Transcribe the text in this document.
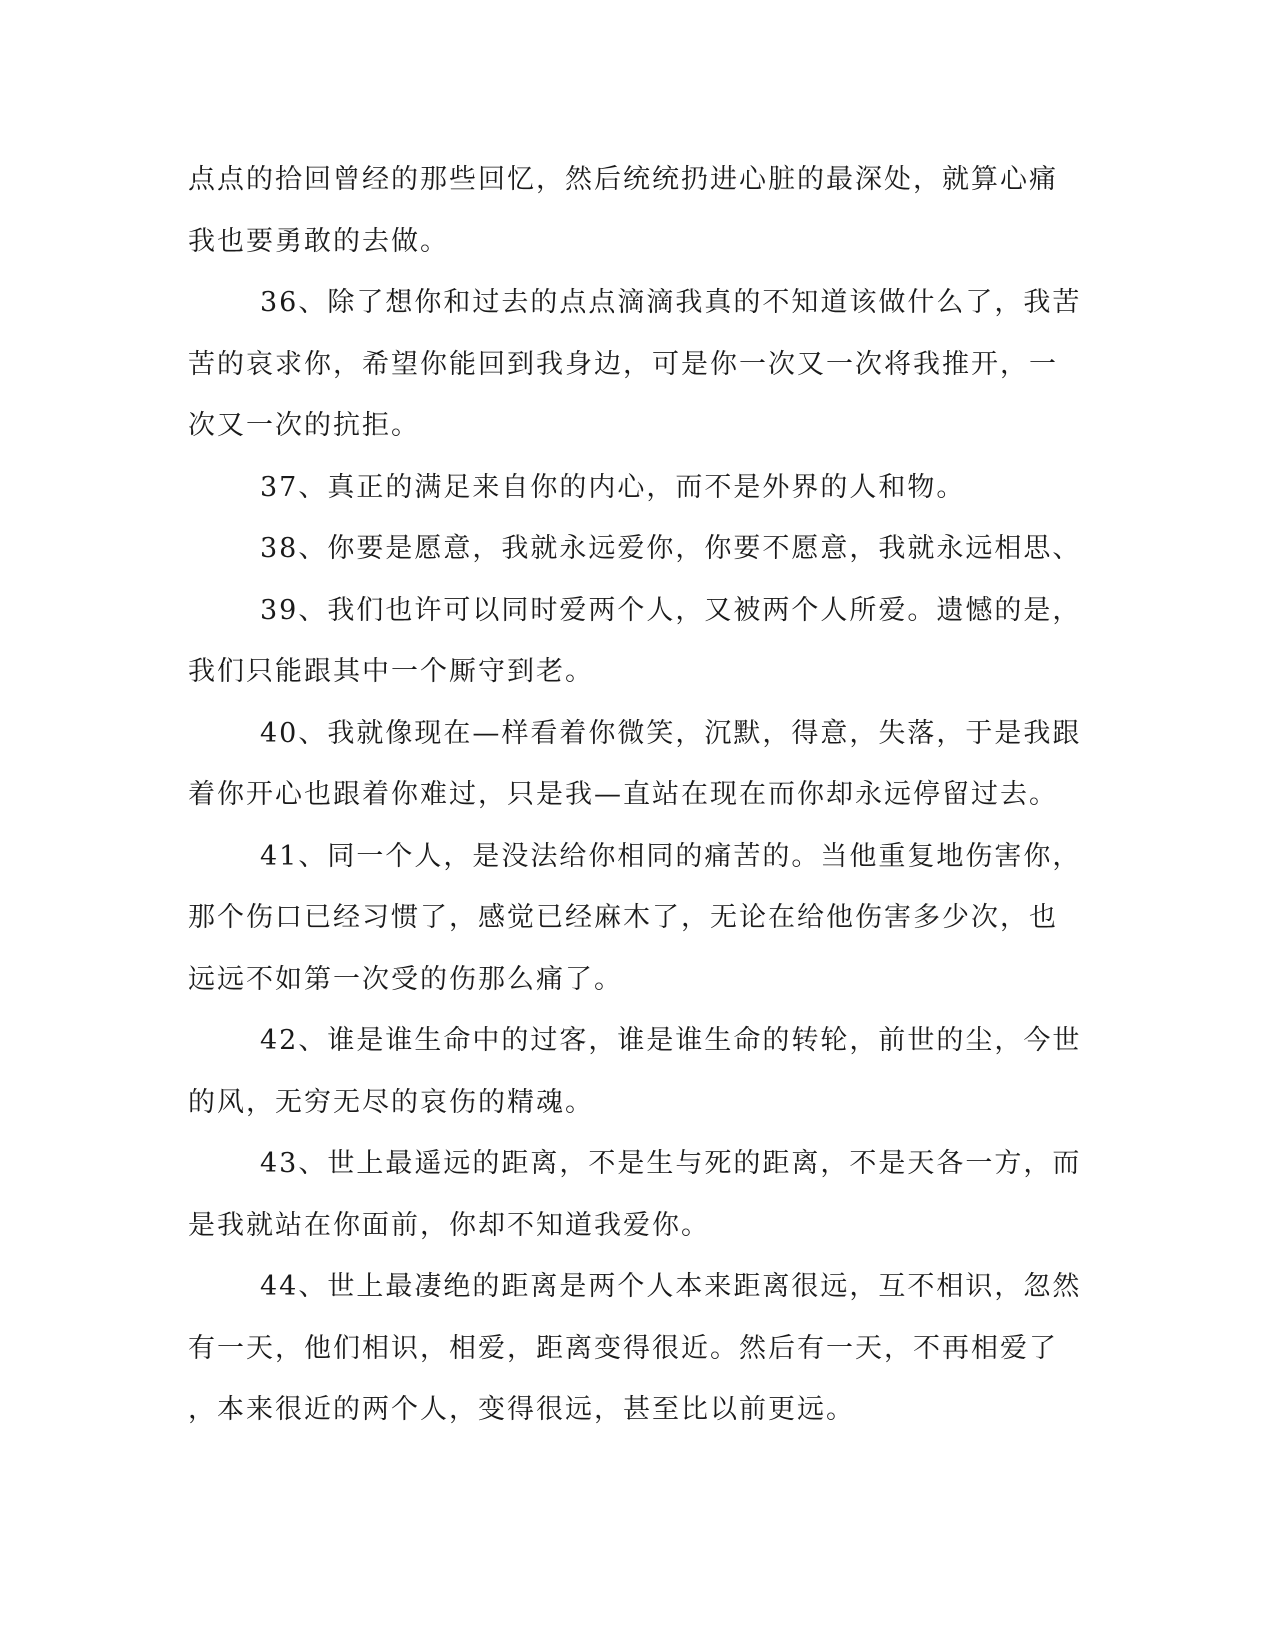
点点的拾回曾经的那些回忆，然后统统扔进心脏的最深处，就算心痛
我也要勇敢的去做。
36、除了想你和过去的点点滴滴我真的不知道该做什么了，我苦
苦的哀求你，希望你能回到我身边，可是你一次又一次将我推开，一
次又一次的抗拒。
37、真正的满足来自你的内心，而不是外界的人和物。
38、你要是愿意，我就永远爱你，你要不愿意，我就永远相思、
39、我们也许可以同时爱两个人，又被两个人所爱。遗憾的是，
我们只能跟其中一个厮守到老。
40、我就像现在—样看着你微笑，沉默，得意，失落，于是我跟
着你开心也跟着你难过，只是我—直站在现在而你却永远停留过去。
41、同一个人，是没法给你相同的痛苦的。当他重复地伤害你，
那个伤口已经习惯了，感觉已经麻木了，无论在给他伤害多少次，也
远远不如第一次受的伤那么痛了。
42、谁是谁生命中的过客，谁是谁生命的转轮，前世的尘，今世
的风，无穷无尽的哀伤的精魂。
43、世上最遥远的距离，不是生与死的距离，不是天各一方，而
是我就站在你面前，你却不知道我爱你。
44、世上最凄绝的距离是两个人本来距离很远，互不相识，忽然
有一天，他们相识，相爱，距离变得很近。然后有一天，不再相爱了
，本来很近的两个人，变得很远，甚至比以前更远。
